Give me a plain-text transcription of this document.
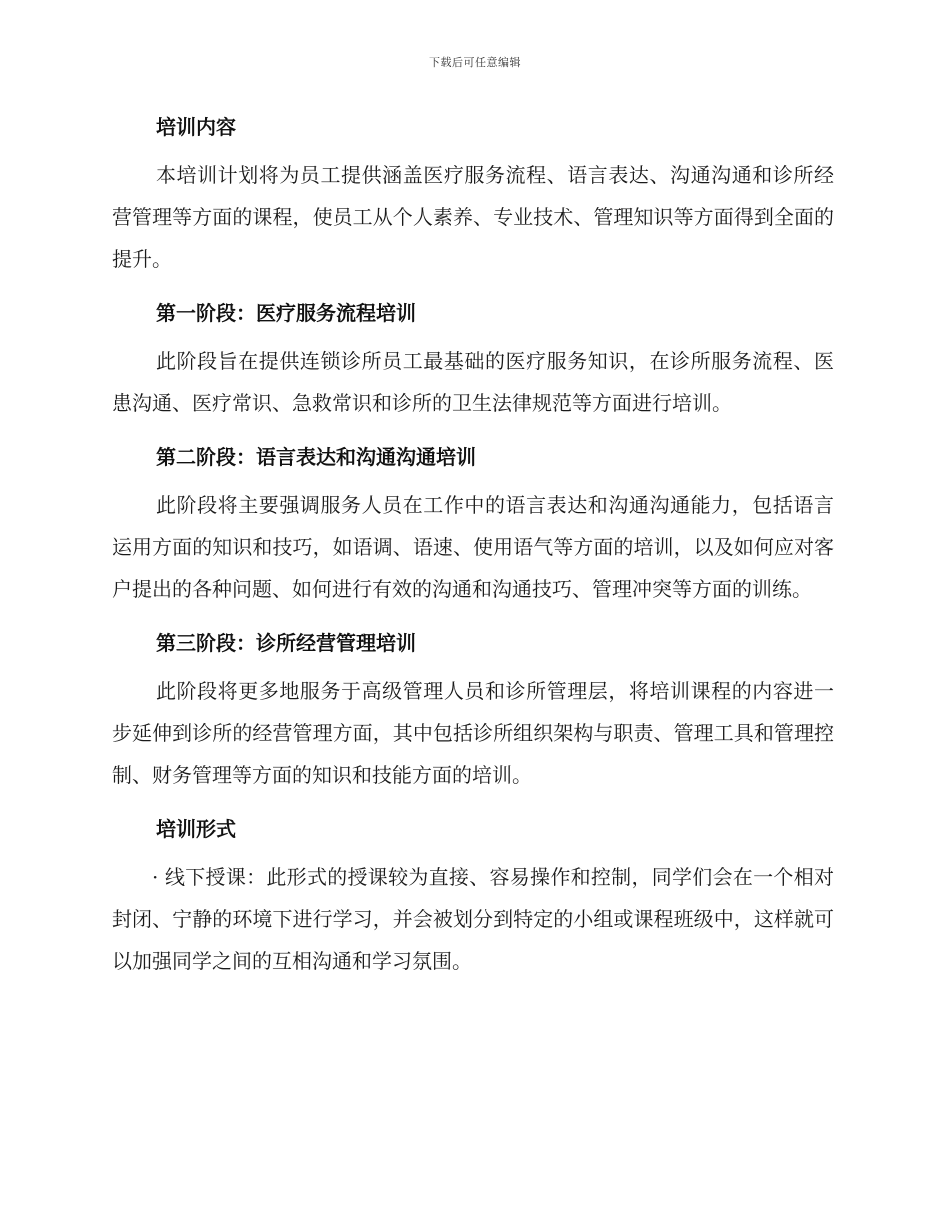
下载后可任意编辑
培训内容

本培训计划将为员工提供涵盖医疗服务流程、语言表达、沟通沟通和诊所经营管理等方面的课程，使员工从个人素养、专业技术、管理知识等方面得到全面的提升。

第一阶段：医疗服务流程培训

此阶段旨在提供连锁诊所员工最基础的医疗服务知识，在诊所服务流程、医患沟通、医疗常识、急救常识和诊所的卫生法律规范等方面进行培训。

第二阶段：语言表达和沟通沟通培训

此阶段将主要强调服务人员在工作中的语言表达和沟通沟通能力，包括语言运用方面的知识和技巧，如语调、语速、使用语气等方面的培训，以及如何应对客户提出的各种问题、如何进行有效的沟通和沟通技巧、管理冲突等方面的训练。

第三阶段：诊所经营管理培训

此阶段将更多地服务于高级管理人员和诊所管理层，将培训课程的内容进一步延伸到诊所的经营管理方面，其中包括诊所组织架构与职责、管理工具和管理控制、财务管理等方面的知识和技能方面的培训。

培训形式

· 线下授课：此形式的授课较为直接、容易操作和控制，同学们会在一个相对封闭、宁静的环境下进行学习，并会被划分到特定的小组或课程班级中，这样就可以加强同学之间的互相沟通和学习氛围。
